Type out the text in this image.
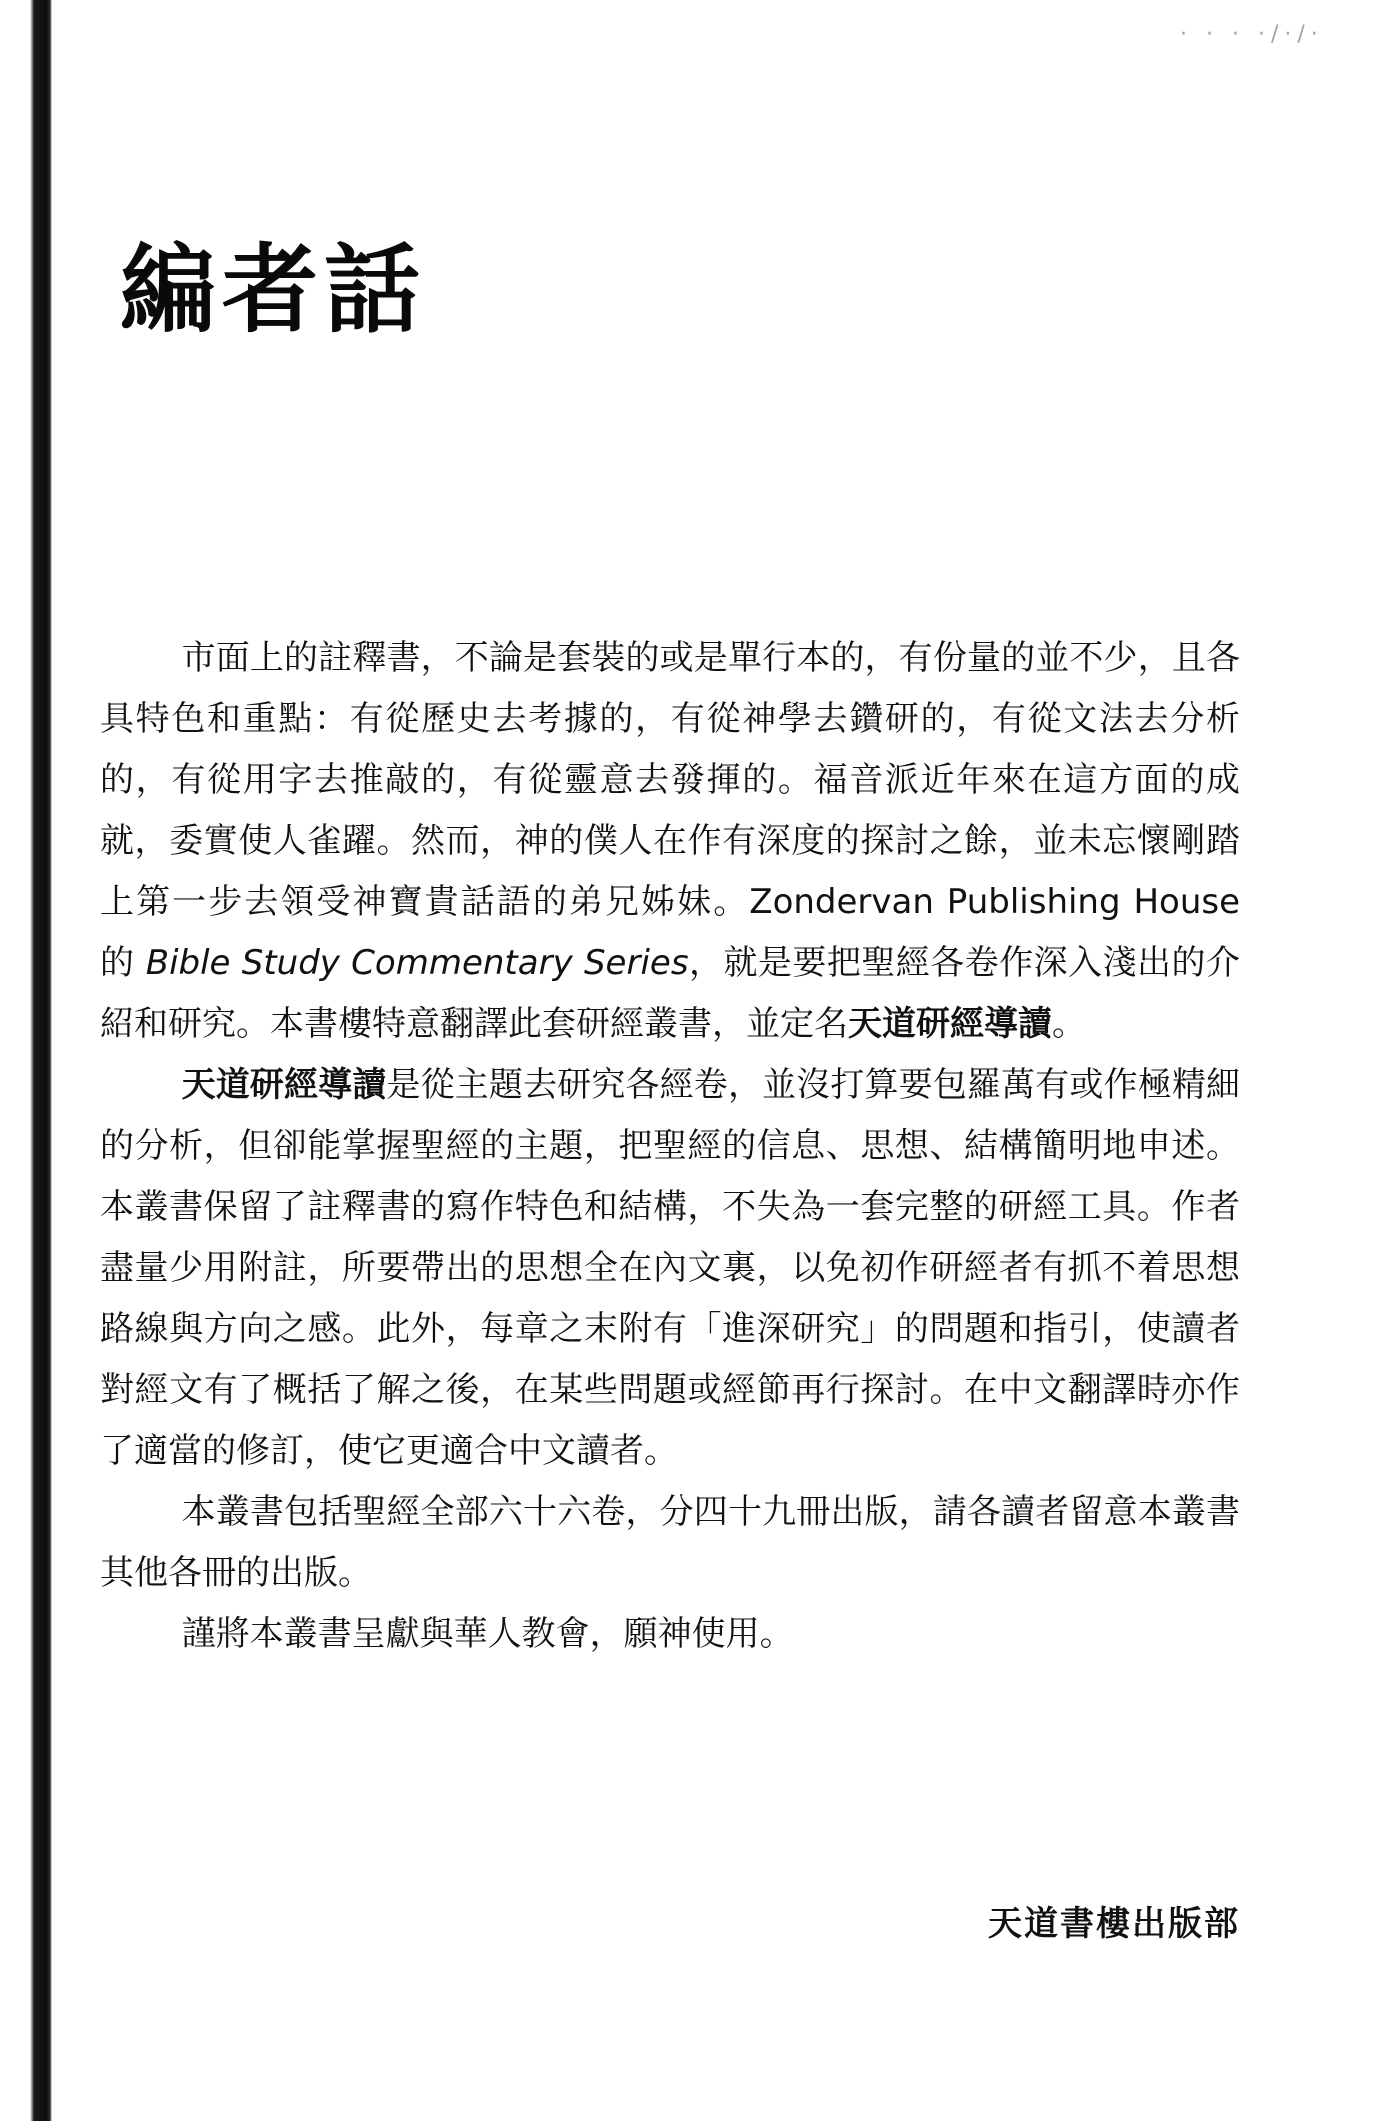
· · · ·/·/·
編者話

市面上的註釋書，不論是套裝的或是單行本的，有份量的並不少，且各具特色和重點：有從歷史去考據的，有從神學去鑽研的，有從文法去分析的，有從用字去推敲的，有從靈意去發揮的。福音派近年來在這方面的成就，委實使人雀躍。然而，神的僕人在作有深度的探討之餘，並未忘懷剛踏上第一步去領受神寶貴話語的弟兄姊妹。Zondervan Publishing House 的 Bible Study Commentary Series，就是要把聖經各卷作深入淺出的介紹和研究。本書樓特意翻譯此套研經叢書，並定名天道研經導讀。

天道研經導讀是從主題去研究各經卷，並沒打算要包羅萬有或作極精細的分析，但卻能掌握聖經的主題，把聖經的信息、思想、結構簡明地申述。本叢書保留了註釋書的寫作特色和結構，不失為一套完整的研經工具。作者盡量少用附註，所要帶出的思想全在內文裏，以免初作研經者有抓不着思想路線與方向之感。此外，每章之末附有「進深研究」的問題和指引，使讀者對經文有了概括了解之後，在某些問題或經節再行探討。在中文翻譯時亦作了適當的修訂，使它更適合中文讀者。

本叢書包括聖經全部六十六卷，分四十九冊出版，請各讀者留意本叢書其他各冊的出版。

謹將本叢書呈獻與華人教會，願神使用。

天道書樓出版部
